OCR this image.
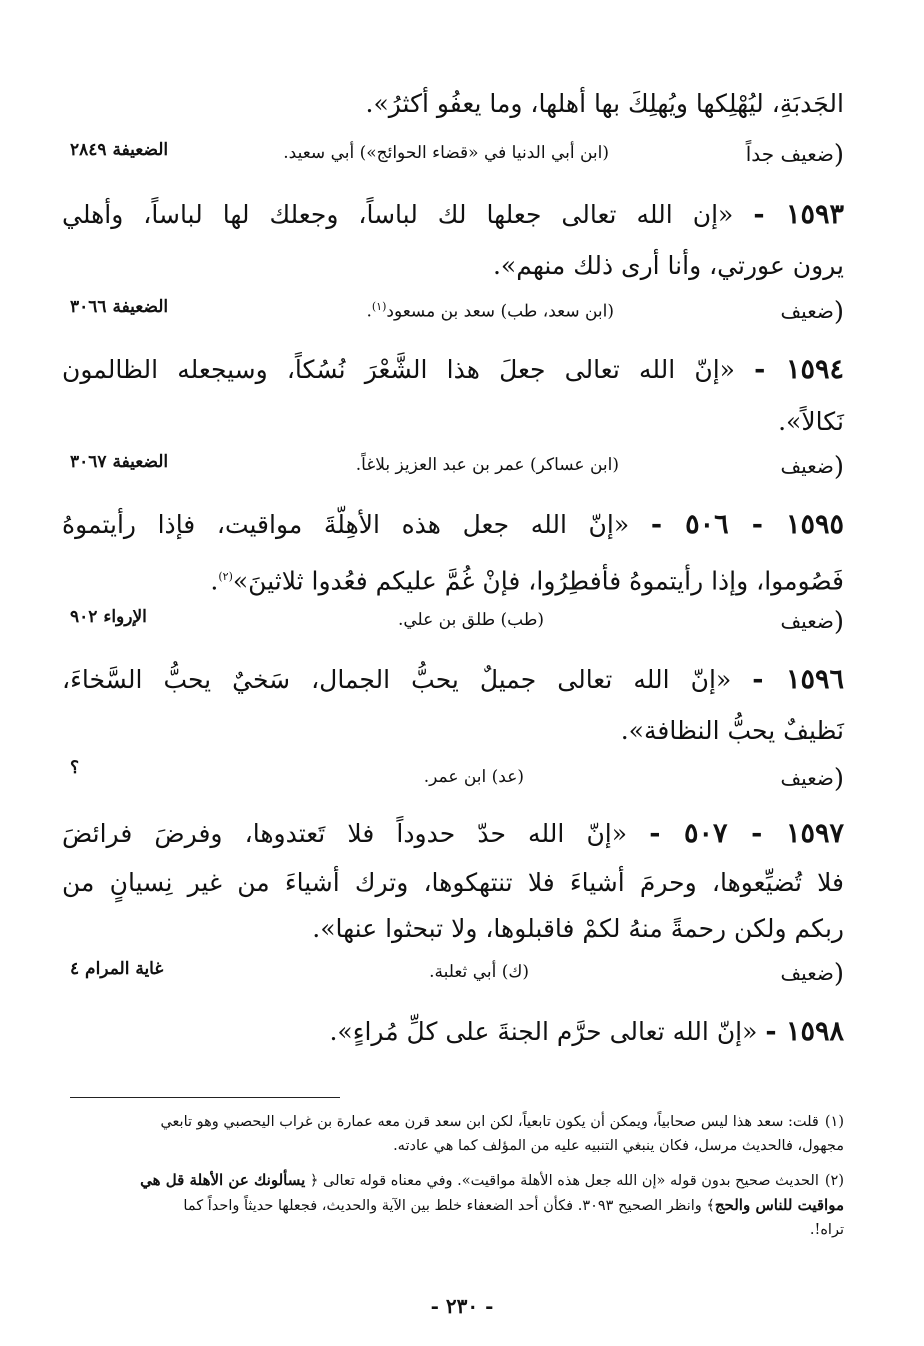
الجَدبَةِ، ليُهْلِكها ويُهلِكَ بها أهلها، وما يعفُو أكثرُ».
(ضعيف جداً
(ابن أبي الدنيا في «قضاء الحوائج») أبي سعيد.
الضعيفة ٢٨٤٩
١٥٩٣ - «إن الله تعالى جعلها لك لباساً، وجعلك لها لباساً، وأهلي
يرون عورتي، وأنا أرى ذلك منهم».
(ضعيف
(ابن سعد، طب) سعد بن مسعود$^{(١)}$.
الضعيفة ٣٠٦٦
١٥٩٤ - «إنّ الله تعالى جعلَ هذا الشَّعْرَ نُسُكاً، وسيجعله الظالمون
نَكالاً».
(ضعيف
(ابن عساكر) عمر بن عبد العزيز بلاغاً.
الضعيفة ٣٠٦٧
١٥٩٥ - ٥٠٦ - «إنّ الله جعل هذه الأهِلّةَ مواقيت، فإذا رأيتموهُ
فَصُوموا، وإذا رأيتموهُ فأفطِرُوا، فإنْ غُمَّ عليكم فعُدوا ثلاثينَ»$^{(٢)}$.
(ضعيف
(طب) طلق بن علي.
الإرواء ٩٠٢
١٥٩٦ - «إنّ الله تعالى جميلٌ يحبُّ الجمال، سَخيٌ يحبُّ السَّخاءَ،
نَظيفٌ يحبُّ النظافة».
(ضعيف
(عد) ابن عمر.
؟
١٥٩٧ - ٥٠٧ - «إنّ الله حدّ حدوداً فلا تَعتدوها، وفرضَ فرائضَ
فلا تُضيِّعوها، وحرمَ أشياءَ فلا تنتهكوها، وترك أشياءَ من غير نِسيانٍ من
ربكم ولكن رحمةً منهُ لكمْ فاقبلوها، ولا تبحثوا عنها».
(ضعيف
(ك) أبي ثعلبة.
غاية المرام ٤
١٥٩٨ - «إنّ الله تعالى حرَّم الجنةَ على كلِّ مُراءٍ».
(١)قلت: سعد هذا ليس صحابياً، ويمكن أن يكون تابعياً، لكن ابن سعد قرن معه عمارة بن غراب اليحصبي وهو تابعي
مجهول، فالحديث مرسل، فكان ينبغي التنبيه عليه من المؤلف كما هي عادته.
(٢)الحديث صحيح بدون قوله «إن الله جعل هذه الأهلة مواقيت». وفي معناه قوله تعالى ﴿ يسألونك عن الأهلة قل هي
مواقيت للناس والحج﴾ وانظر الصحيح ٣٠٩٣. فكأن أحد الضعفاء خلط بين الآية والحديث، فجعلها حديثاً واحداً كما
تراه!.
- ٢٣٠ -
